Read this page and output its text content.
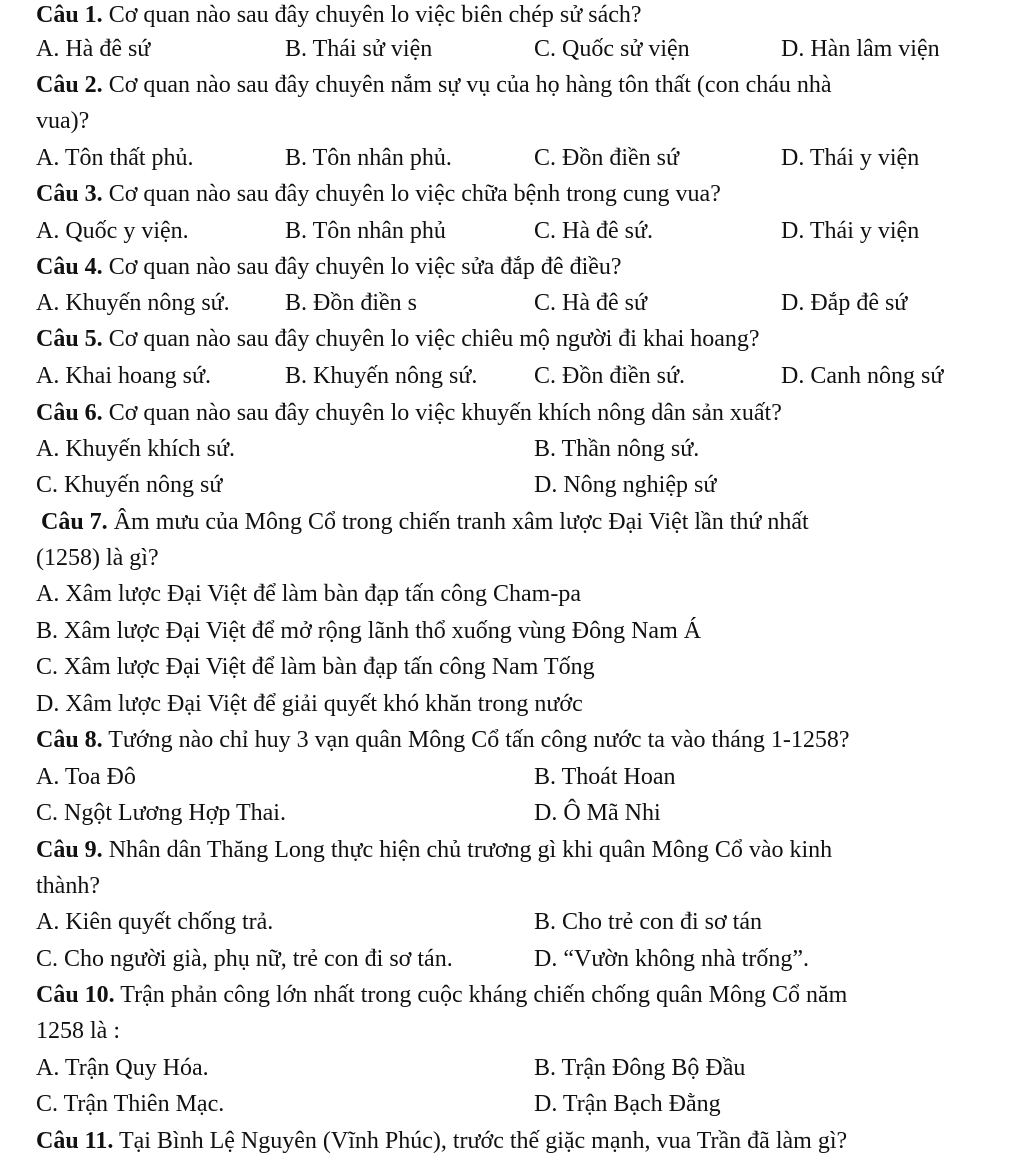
Câu 1. Cơ quan nào sau đây chuyên lo việc biên chép sử sách?
A. Hà đê sứ	B. Thái sử viện	C. Quốc sử viện	D. Hàn lâm viện
Câu 2. Cơ quan nào sau đây chuyên nắm sự vụ của họ hàng tôn thất (con cháu nhà
vua)?
A. Tôn thất phủ.	B. Tôn nhân phủ.	C. Đồn điền sứ	D. Thái y viện
Câu 3. Cơ quan nào sau đây chuyên lo việc chữa bệnh trong cung vua?
A. Quốc y viện.	B. Tôn nhân phủ	C. Hà đê sứ.	D. Thái y viện
Câu 4. Cơ quan nào sau đây chuyên lo việc sửa đắp đê điều?
A. Khuyến nông sứ. B. Đồn điền s	C. Hà đê sứ	D. Đắp đê sứ
Câu 5. Cơ quan nào sau đây chuyên lo việc chiêu mộ người đi khai hoang?
A. Khai hoang sứ.	B. Khuyến nông sứ. C. Đồn điền sứ.	D. Canh nông sứ
Câu 6. Cơ quan nào sau đây chuyên lo việc khuyến khích nông dân sản xuất?
A. Khuyến khích sứ.	B. Thần nông sứ.
C. Khuyến nông sứ	D. Nông nghiệp sứ
Câu 7. Âm mưu của Mông Cổ trong chiến tranh xâm lược Đại Việt lần thứ nhất
(1258) là gì?
A. Xâm lược Đại Việt để làm bàn đạp tấn công Cham-pa
B. Xâm lược Đại Việt để mở rộng lãnh thổ xuống vùng Đông Nam Á
C. Xâm lược Đại Việt để làm bàn đạp tấn công Nam Tống
D. Xâm lược Đại Việt để giải quyết khó khăn trong nước
Câu 8. Tướng nào chỉ huy 3 vạn quân Mông Cổ tấn công nước ta vào tháng 1-1258?
A. Toa Đô	B. Thoát Hoan
C. Ngột Lương Hợp Thai.	D. Ô Mã Nhi
Câu 9. Nhân dân Thăng Long thực hiện chủ trương gì khi quân Mông Cổ vào kinh
thành?
A. Kiên quyết chống trả.	B. Cho trẻ con đi sơ tán
C. Cho người già, phụ nữ, trẻ con đi sơ tán.	D. “Vườn không nhà trống”.
Câu 10. Trận phản công lớn nhất trong cuộc kháng chiến chống quân Mông Cổ năm
1258 là :
A. Trận Quy Hóa.	B. Trận Đông Bộ Đầu
C. Trận Thiên Mạc.	D. Trận Bạch Đằng
Câu 11. Tại Bình Lệ Nguyên (Vĩnh Phúc), trước thế giặc mạnh, vua Trần đã làm gì?
